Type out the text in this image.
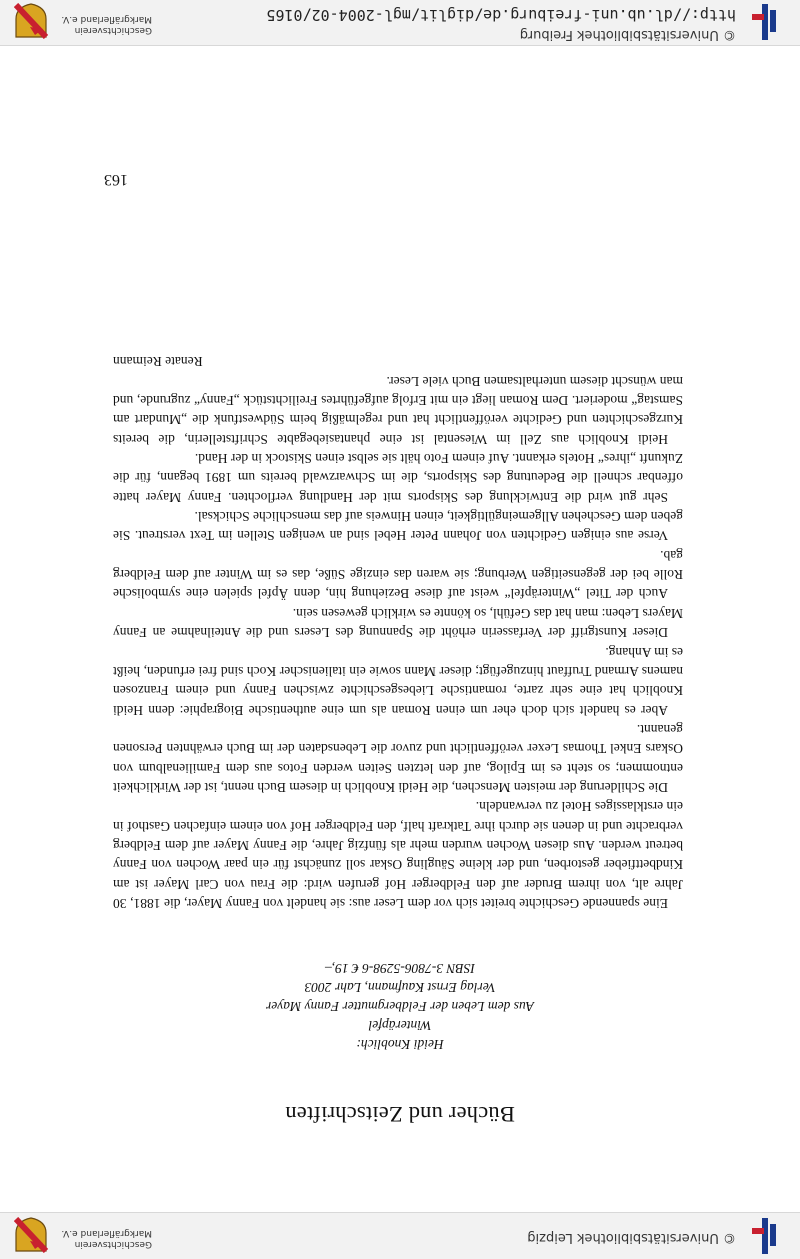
© Universitätsbibliothek Leipzig
Geschichtsverein
Markgräflerland e.V.
Bücher und Zeitschriften
Heidi Knoblich:
Winteräpfel
Aus dem Leben der Feldbergmutter Fanny Mayer
Verlag Ernst Kaufmann, Lahr 2003
ISBN 3-7806-5298-6 € 19,–

Eine spannende Geschichte breitet sich vor dem Leser aus: sie handelt von Fanny Mayer, die 1881, 30 Jahre alt, von ihrem Bruder auf den Feldberger Hof gerufen wird: die Frau von Carl Mayer ist am Kindbettfieber gestorben, und der kleine Säugling Oskar soll zunächst für ein paar Wochen von Fanny betreut werden. Aus diesen Wochen wurden mehr als fünfzig Jahre, die Fanny Mayer auf dem Feldberg verbrachte und in denen sie durch ihre Tatkraft half, den Feldberger Hof von einem einfachen Gasthof in ein erstklassiges Hotel zu verwandeln.

Die Schilderung der meisten Menschen, die Heidi Knoblich in diesem Buch nennt, ist der Wirklichkeit entnommen; so steht es im Epilog, auf den letzten Seiten werden Fotos aus dem Familienalbum von Oskars Enkel Thomas Lexer veröffentlicht und zuvor die Lebensdaten der im Buch erwähnten Personen genannt.

Aber es handelt sich doch eher um einen Roman als um eine authentische Biographie: denn Heidi Knoblich hat eine sehr zarte, romantische Liebesgeschichte zwischen Fanny und einem Franzosen namens Armand Truffaut hinzugefügt; dieser Mann sowie ein italienischer Koch sind frei erfunden, heißt es im Anhang.

Dieser Kunstgriff der Verfasserin erhöht die Spannung des Lesers und die Anteilnahme an Fanny Mayers Leben: man hat das Gefühl, so könnte es wirklich gewesen sein.

Auch der Titel „Winteräpfel“ weist auf diese Beziehung hin, denn Äpfel spielen eine symbolische Rolle bei der gegenseitigen Werbung; sie waren das einzige Süße, das es im Winter auf dem Feldberg gab.

Verse aus einigen Gedichten von Johann Peter Hebel sind an wenigen Stellen im Text verstreut. Sie geben dem Geschehen Allgemeingültigkeit, einen Hinweis auf das menschliche Schicksal.

Sehr gut wird die Entwicklung des Skisports mit der Handlung verflochten. Fanny Mayer hatte offenbar schnell die Bedeutung des Skisports, die im Schwarzwald bereits um 1891 begann, für die Zukunft „ihres“ Hotels erkannt. Auf einem Foto hält sie selbst einen Skistock in der Hand.

Heidi Knoblich aus Zell im Wiesental ist eine phantasiebegabte Schriftstellerin, die bereits Kurzgeschichten und Gedichte veröffentlicht hat und regelmäßig beim Südwestfunk die „Mundart am Samstag“ moderiert. Dem Roman liegt ein mit Erfolg aufgeführtes Freilichtstück „Fanny“ zugrunde, und man wünscht diesem unterhaltsamen Buch viele Leser.

Renate Reimann

163
© Universitätsbibliothek Freiburg
http://dl.ub.uni-freiburg.de/diglit/mgl-2004-02/0165
Geschichtsverein
Markgräflerland e.V.
